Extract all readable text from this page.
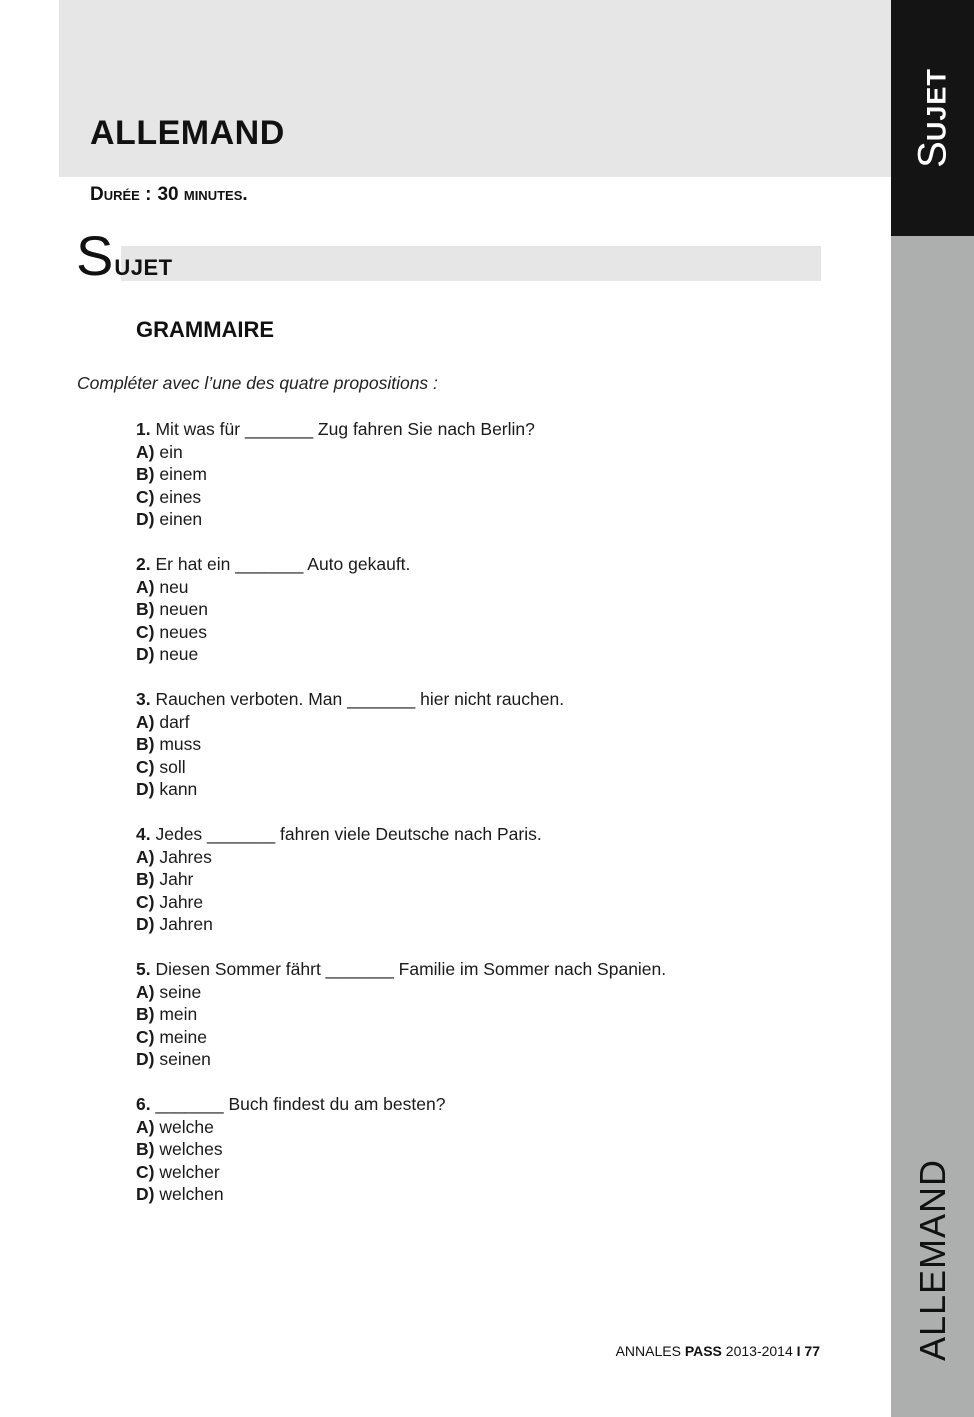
ALLEMAND
Durée : 30 minutes.
S UJET
GRAMMAIRE

Compléter avec l’une des quatre propositions :

1. Mit was für _______ Zug fahren Sie nach Berlin?
A) ein
B) einem
C) eines
D) einen
2. Er hat ein _______ Auto gekauft.
A) neu
B) neuen
C) neues
D) neue
3. Rauchen verboten. Man _______ hier nicht rauchen.
A) darf
B) muss
C) soll
D) kann
4. Jedes _______ fahren viele Deutsche nach Paris.
A) Jahres
B) Jahr
C) Jahre
D) Jahren
5. Diesen Sommer fährt _______ Familie im Sommer nach Spanien.
A) seine
B) mein
C) meine
D) seinen
6. _______ Buch findest du am besten?
A) welche
B) welches
C) welcher
D) welchen
ANNALES PASS 2013-2014 I 77
S
UJET
ALLEMAND
